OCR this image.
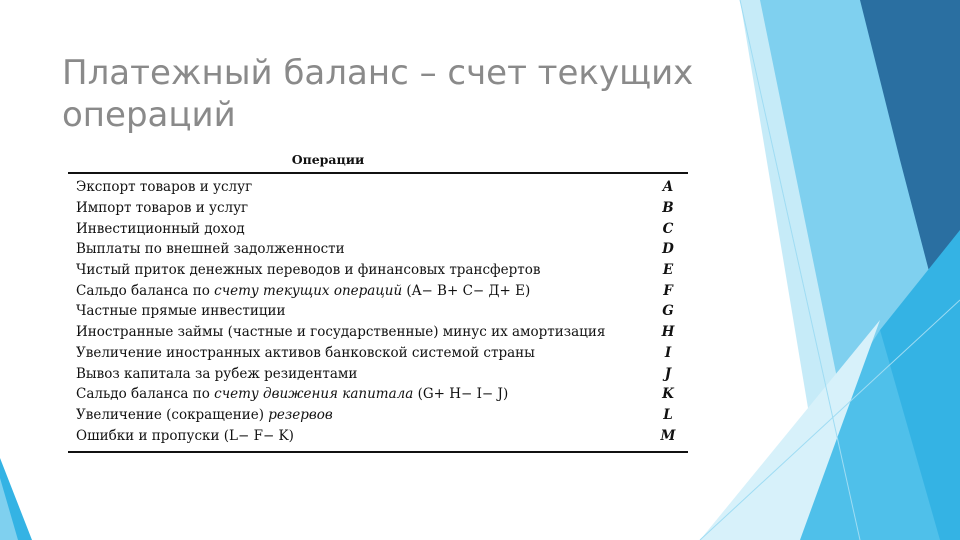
Платежный баланс – счет текущих операций
Операции
Экспорт товаров и услуг	A
Импорт товаров и услуг	B
Инвестиционный доход	C
Выплаты по внешней задолженности	D
Чистый приток денежных переводов и финансовых трансфертов	E
Сальдо баланса по счету текущих операций (A− B+ C− Д+ E)	F
Частные прямые инвестиции	G
Иностранные займы (частные и государственные) минус их амортизация	H
Увеличение иностранных активов банковской системой страны	I
Вывоз капитала за рубеж резидентами	J
Сальдо баланса по счету движения капитала (G+ H− I− J)	K
Увеличение (сокращение) резервов	L
Ошибки и пропуски (L− F− K)	M
